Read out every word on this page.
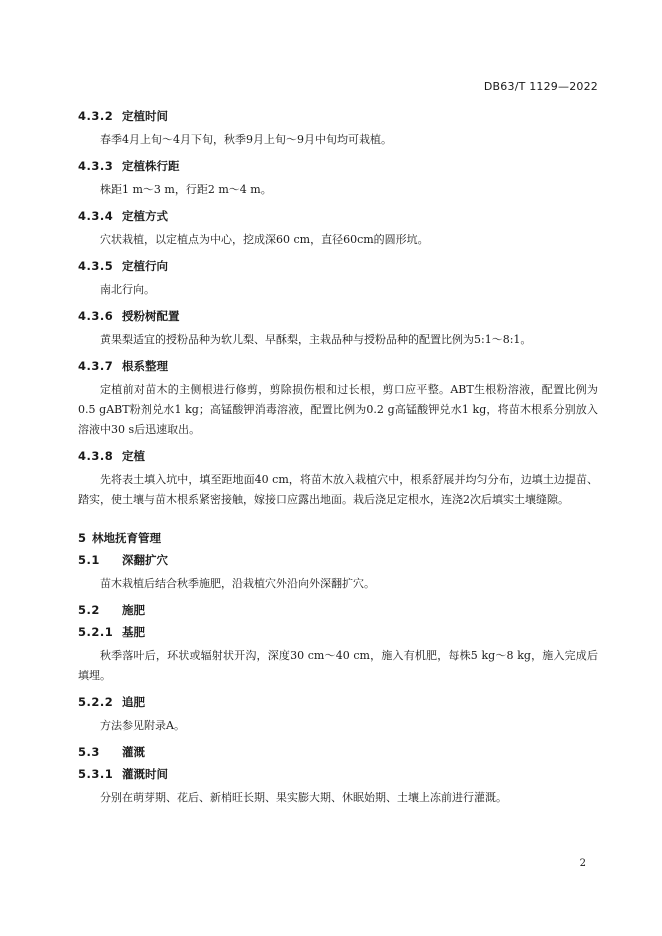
DB63/T 1129—2022
4.3.2 定植时间
春季4月上旬～4月下旬，秋季9月上旬～9月中旬均可栽植。
4.3.3 定植株行距
株距1 m～3 m，行距2 m～4 m。
4.3.4 定植方式
穴状栽植，以定植点为中心，挖成深60 cm，直径60cm的圆形坑。
4.3.5 定植行向
南北行向。
4.3.6 授粉树配置
黄果梨适宜的授粉品种为软儿梨、早酥梨，主栽品种与授粉品种的配置比例为5:1～8:1。
4.3.7 根系整理
定植前对苗木的主侧根进行修剪，剪除损伤根和过长根，剪口应平整。ABT生根粉溶液，配置比例为0.5 gABT粉剂兑水1 kg；高锰酸钾消毒溶液，配置比例为0.2 g高锰酸钾兑水1 kg，将苗木根系分别放入溶液中30 s后迅速取出。
4.3.8 定植
先将表土填入坑中，填至距地面40 cm，将苗木放入栽植穴中，根系舒展并均匀分布，边填土边提苗、踏实，使土壤与苗木根系紧密接触，嫁接口应露出地面。栽后浇足定根水，连浇2次后填实土壤缝隙。
5 林地抚育管理
5.1 深翻扩穴
苗木栽植后结合秋季施肥，沿栽植穴外沿向外深翻扩穴。
5.2 施肥
5.2.1 基肥
秋季落叶后，环状或辐射状开沟，深度30 cm～40 cm，施入有机肥，每株5 kg～8 kg，施入完成后填埋。
5.2.2 追肥
方法参见附录A。
5.3 灌溉
5.3.1 灌溉时间
分别在萌芽期、花后、新梢旺长期、果实膨大期、休眠始期、土壤上冻前进行灌溉。
2
